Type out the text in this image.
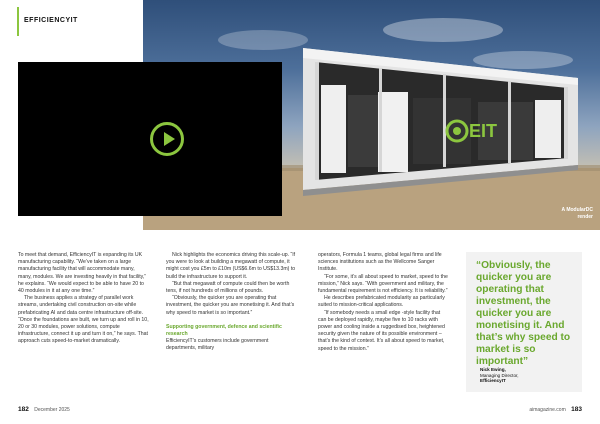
EIT
A ModularDC
render
EFFICIENCYIT

To meet that demand, EfficiencyIT is expanding its UK manufacturing capability. “We’ve taken on a large manufacturing facility that will accommodate many, many, modules. We are investing heavily in that facility,” he explains. “We would expect to be able to have 20 to 40 modules in it at any one time.”

The business applies a strategy of parallel work streams, undertaking civil construction on-site while prefabricating AI and data centre infrastructure off-site. “Once the foundations are built, we turn up and roll in 10, 20 or 30 modules, power solutions, compute infrastructure, connect it up and turn it on,” he says. That approach cuts speed-to-market dramatically.

Nick highlights the economics driving this scale-up. “If you were to look at building a megawatt of compute, it might cost you £5m to £10m (US$6.6m to US$13.3m) to build the infrastructure to support it.

“But that megawatt of compute could then be worth tens, if not hundreds of millions of pounds.

“Obviously, the quicker you are operating that investment, the quicker you are monetising it. And that’s why speed to market is so important.”

Supporting government, defence and scientific research

EfficiencyIT’s customers include government departments, military

operators, Formula 1 teams, global legal firms and life sciences institutions such as the Wellcome Sanger Institute.

“For some, it’s all about speed to market, speed to the mission,” Nick says. “With government and military, the fundamental requirement is not efficiency. It is reliability.”

He describes prefabricated modularity as particularly suited to mission-critical applications.

“If somebody needs a small edge -style facility that can be deployed rapidly, maybe five to 10 racks with power and cooling inside a ruggedised box, heightened security given the nature of its possible environment – that’s the kind of context. It’s all about speed to market, speed to the mission.”

“Obviously, the quicker you are operating that investment, the quicker you are monetising it. And that’s why speed to market is so important”
Nick Ewing,
Managing Director,
EfficiencyIT
182 December 2025	aimagazine.com 183
